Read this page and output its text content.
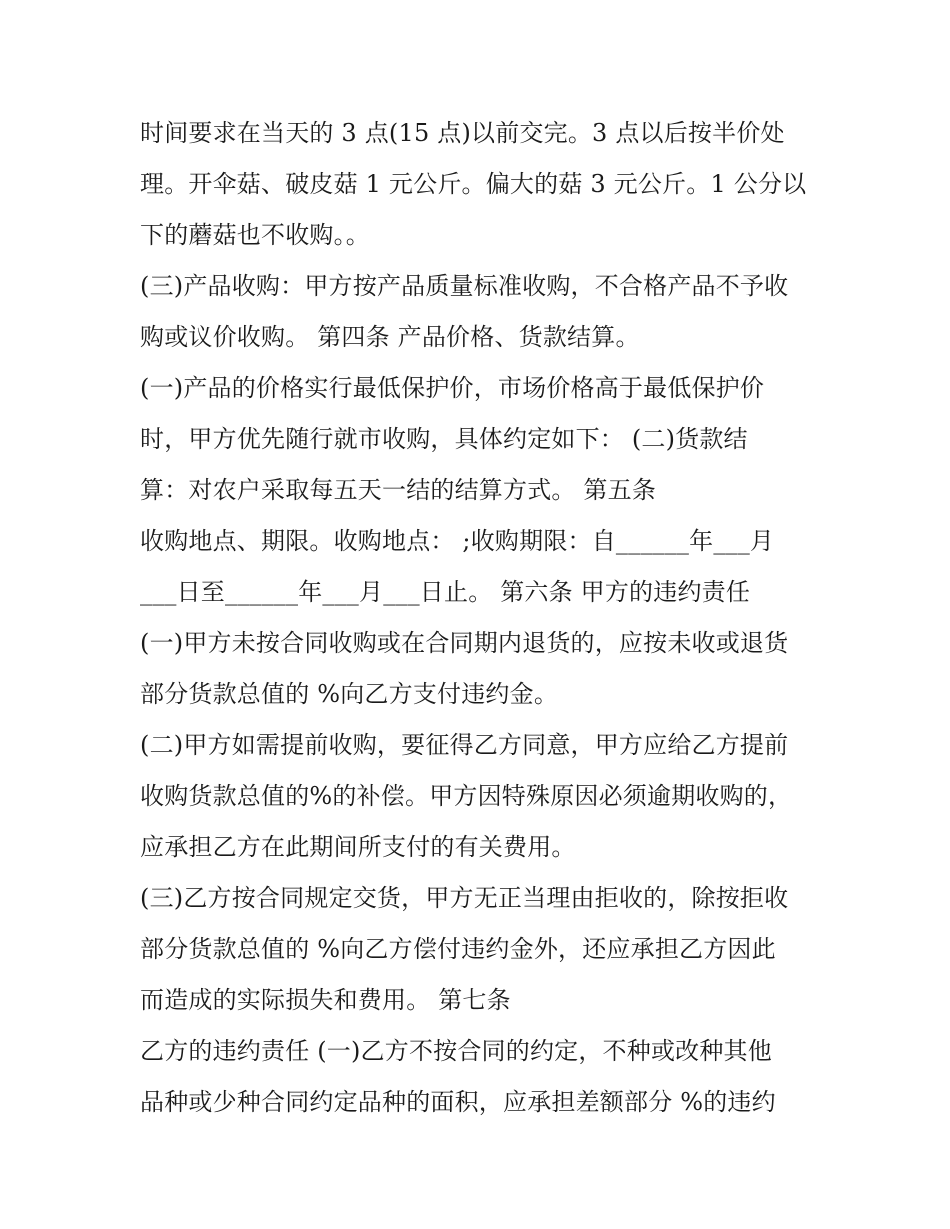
时间要求在当天的 3 点(15 点)以前交完。3 点以后按半价处
理。开伞菇、破皮菇 1 元公斤。偏大的菇 3 元公斤。1 公分以
下的蘑菇也不收购。。
(三)产品收购：甲方按产品质量标准收购，不合格产品不予收
购或议价收购。 第四条 产品价格、货款结算。
(一)产品的价格实行最低保护价，市场价格高于最低保护价
时，甲方优先随行就市收购，具体约定如下： (二)货款结
算：对农户采取每五天一结的结算方式。 第五条
收购地点、期限。收购地点： ;收购期限：自______年___月
___日至______年___月___日止。 第六条 甲方的违约责任
(一)甲方未按合同收购或在合同期内退货的，应按未收或退货
部分货款总值的 %向乙方支付违约金。
(二)甲方如需提前收购，要征得乙方同意，甲方应给乙方提前
收购货款总值的%的补偿。甲方因特殊原因必须逾期收购的，
应承担乙方在此期间所支付的有关费用。
(三)乙方按合同规定交货，甲方无正当理由拒收的，除按拒收
部分货款总值的 %向乙方偿付违约金外，还应承担乙方因此
而造成的实际损失和费用。 第七条
乙方的违约责任 (一)乙方不按合同的约定，不种或改种其他
品种或少种合同约定品种的面积，应承担差额部分 %的违约
